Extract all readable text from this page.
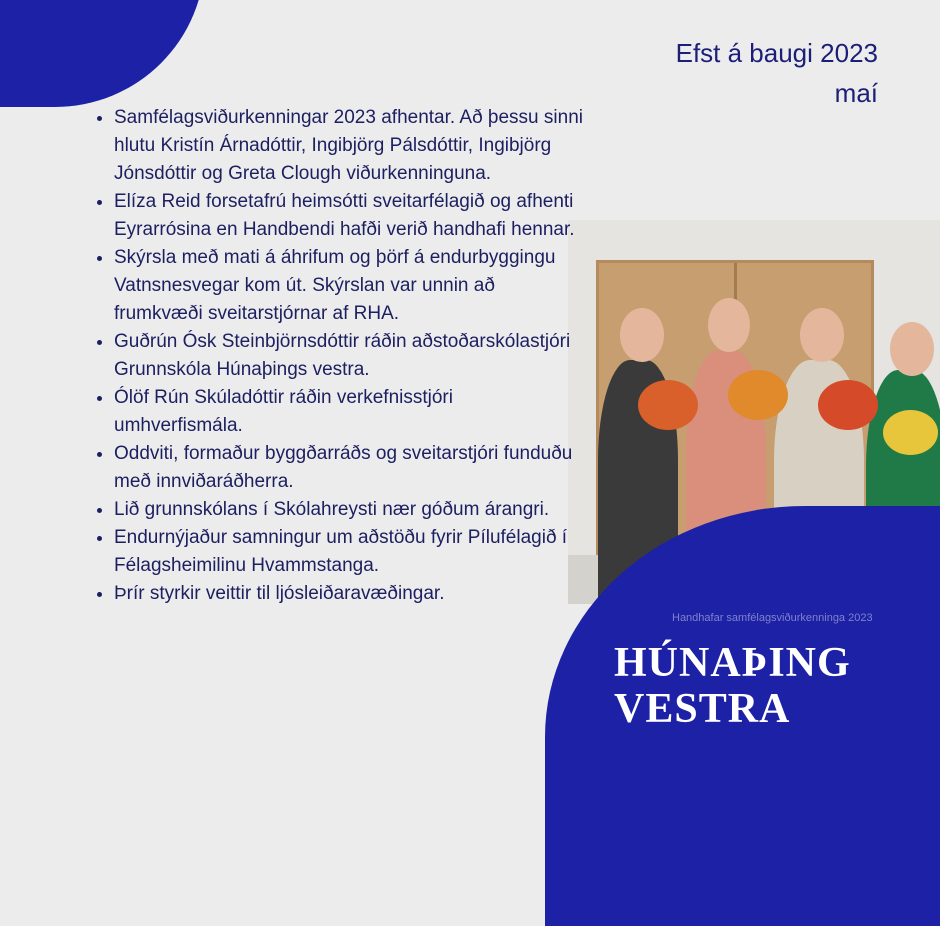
Efst á baugi 2023
maí
• Samfélagsviðurkenningar 2023 afhentar. Að þessu sinni hlutu Kristín Árnadóttir, Ingibjörg Pálsdóttir, Ingibjörg Jónsdóttir og Greta Clough viðurkenninguna.
• Elíza Reid forsetafrú heimsótti sveitarfélagið og afhenti Eyrarrósina en Handbendi hafði verið handhafi hennar.
• Skýrsla með mati á áhrifum og þörf á endurbyggingu Vatnsnesvegar kom út. Skýrslan var unnin að frumkvæði sveitarstjórnar af RHA.
• Guðrún Ósk Steinbjörnsdóttir ráðin aðstoðarskólastjóri Grunnskóla Húnaþings vestra.
• Ólöf Rún Skúladóttir ráðin verkefnisstjóri umhverfismála.
• Oddviti, formaður byggðarráðs og sveitarstjóri funduðu með innviðaráðherra.
• Lið grunnskólans í Skólahreysti nær góðum árangri.
• Endurnýjaður samningur um aðstöðu fyrir Pílufélagið í Félagsheimilinu Hvammstanga.
• Þrír styrkir veittir til ljósleiðaravæðingar.
Handhafar samfélagsviðurkenninga 2023
HÚNAÞING
VESTRA
